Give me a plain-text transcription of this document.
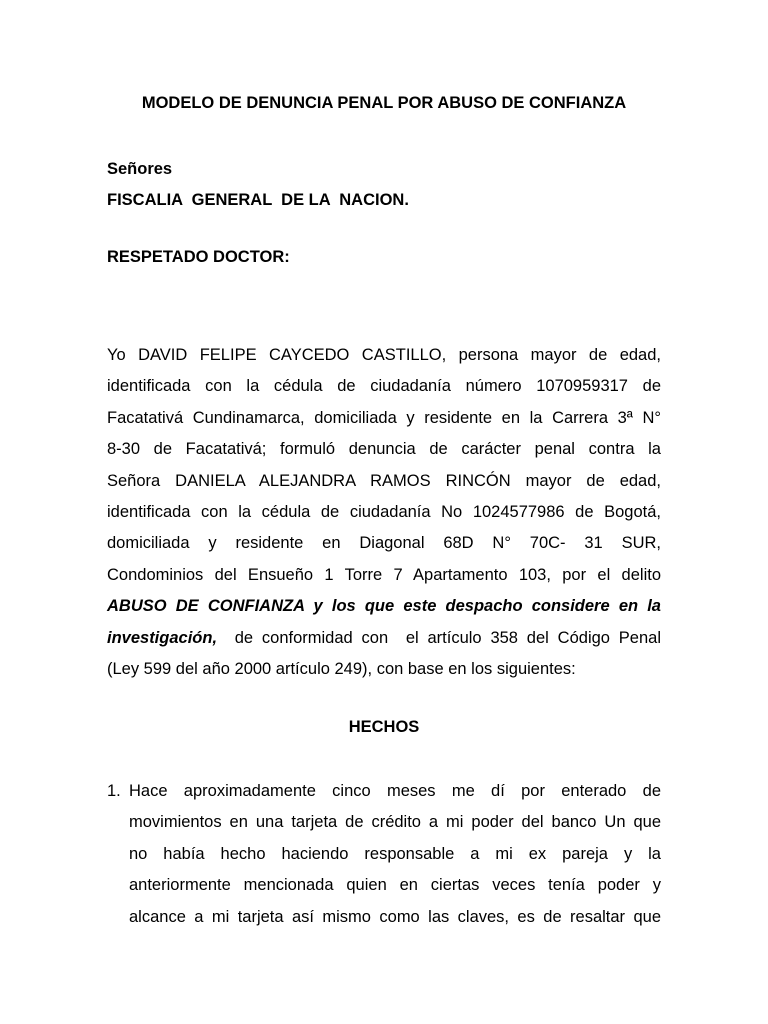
MODELO DE DENUNCIA PENAL POR ABUSO DE CONFIANZA
Señores
FISCALIA  GENERAL  DE LA  NACION.
RESPETADO DOCTOR:
Yo DAVID FELIPE CAYCEDO CASTILLO, persona mayor de edad,
identificada con la cédula de ciudadanía número 1070959317 de
Facatativá Cundinamarca, domiciliada y residente en la Carrera 3ª N°
8-30 de Facatativá; formuló denuncia de carácter penal contra la
Señora DANIELA ALEJANDRA RAMOS RINCÓN mayor de edad,
identificada con la cédula de ciudadanía No 1024577986 de Bogotá,
domiciliada y residente en Diagonal 68D N° 70C- 31 SUR,
Condominios del Ensueño 1 Torre 7 Apartamento 103, por el delito
ABUSO DE CONFIANZA y los que este despacho considere en la
investigación,  de conformidad con  el artículo 358 del Código Penal
(Ley 599 del año 2000 artículo 249), con base en los siguientes:
HECHOS
1. Hace aproximadamente cinco meses me dí por enterado de
movimientos en una tarjeta de crédito a mi poder del banco Un que
no había hecho haciendo responsable a mi ex pareja y la
anteriormente mencionada quien en ciertas veces tenía poder y
alcance a mi tarjeta así mismo como las claves, es de resaltar que
